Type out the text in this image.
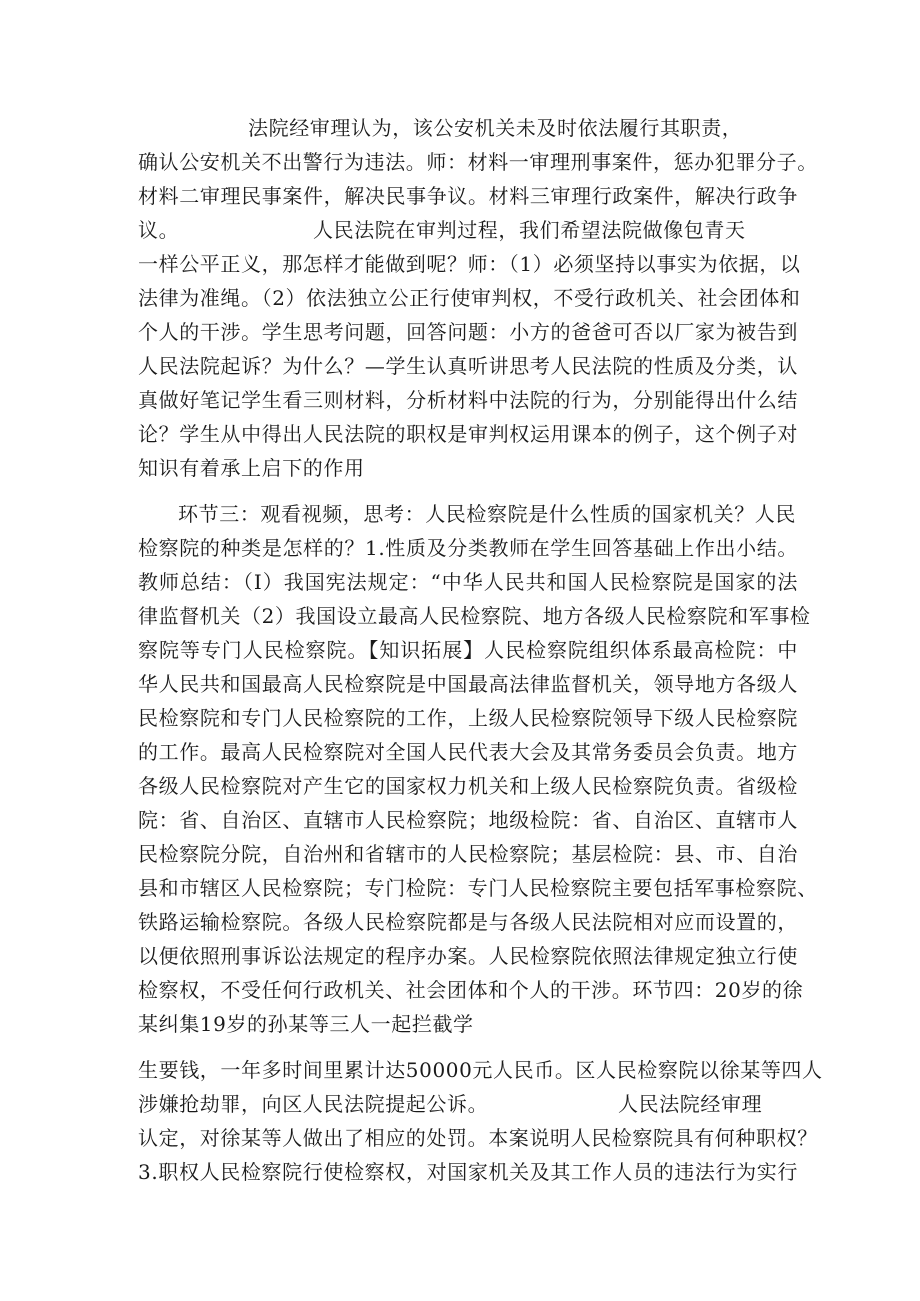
法院经审理认为，该公安机关未及时依法履行其职责，
确认公安机关不出警行为违法。师：材料一审理刑事案件，惩办犯罪分子。
材料二审理民事案件，解决民事争议。材料三审理行政案件，解决行政争
议。	人民法院在审判过程，我们希望法院做像包青天
一样公平正义，那怎样才能做到呢？师：（1）必须坚持以事实为依据，以
法律为准绳。（2）依法独立公正行使审判权，不受行政机关、社会团体和
个人的干涉。学生思考问题，回答问题：小方的爸爸可否以厂家为被告到
人民法院起诉？为什么？—学生认真听讲思考人民法院的性质及分类，认
真做好笔记学生看三则材料，分析材料中法院的行为，分别能得出什么结
论？学生从中得出人民法院的职权是审判权运用课本的例子，这个例子对
知识有着承上启下的作用
环节三：观看视频，思考：人民检察院是什么性质的国家机关？人民
检察院的种类是怎样的？1.性质及分类教师在学生回答基础上作出小结。
教师总结：（I）我国宪法规定：“中华人民共和国人民检察院是国家的法
律监督机关（2）我国设立最高人民检察院、地方各级人民检察院和军事检
察院等专门人民检察院。【知识拓展】人民检察院组织体系最高检院：中
华人民共和国最高人民检察院是中国最高法律监督机关，领导地方各级人
民检察院和专门人民检察院的工作，上级人民检察院领导下级人民检察院
的工作。最高人民检察院对全国人民代表大会及其常务委员会负责。地方
各级人民检察院对产生它的国家权力机关和上级人民检察院负责。省级检
院：省、自治区、直辖市人民检察院；地级检院：省、自治区、直辖市人
民检察院分院，自治州和省辖市的人民检察院；基层检院：县、市、自治
县和市辖区人民检察院；专门检院：专门人民检察院主要包括军事检察院、
铁路运输检察院。各级人民检察院都是与各级人民法院相对应而设置的，
以便依照刑事诉讼法规定的程序办案。人民检察院依照法律规定独立行使
检察权，不受任何行政机关、社会团体和个人的干涉。环节四：20岁的徐
某纠集19岁的孙某等三人一起拦截学
生要钱，一年多时间里累计达50000元人民币。区人民检察院以徐某等四人
涉嫌抢劫罪，向区人民法院提起公诉。	人民法院经审理
认定，对徐某等人做出了相应的处罚。本案说明人民检察院具有何种职权？
3.职权人民检察院行使检察权，对国家机关及其工作人员的违法行为实行
